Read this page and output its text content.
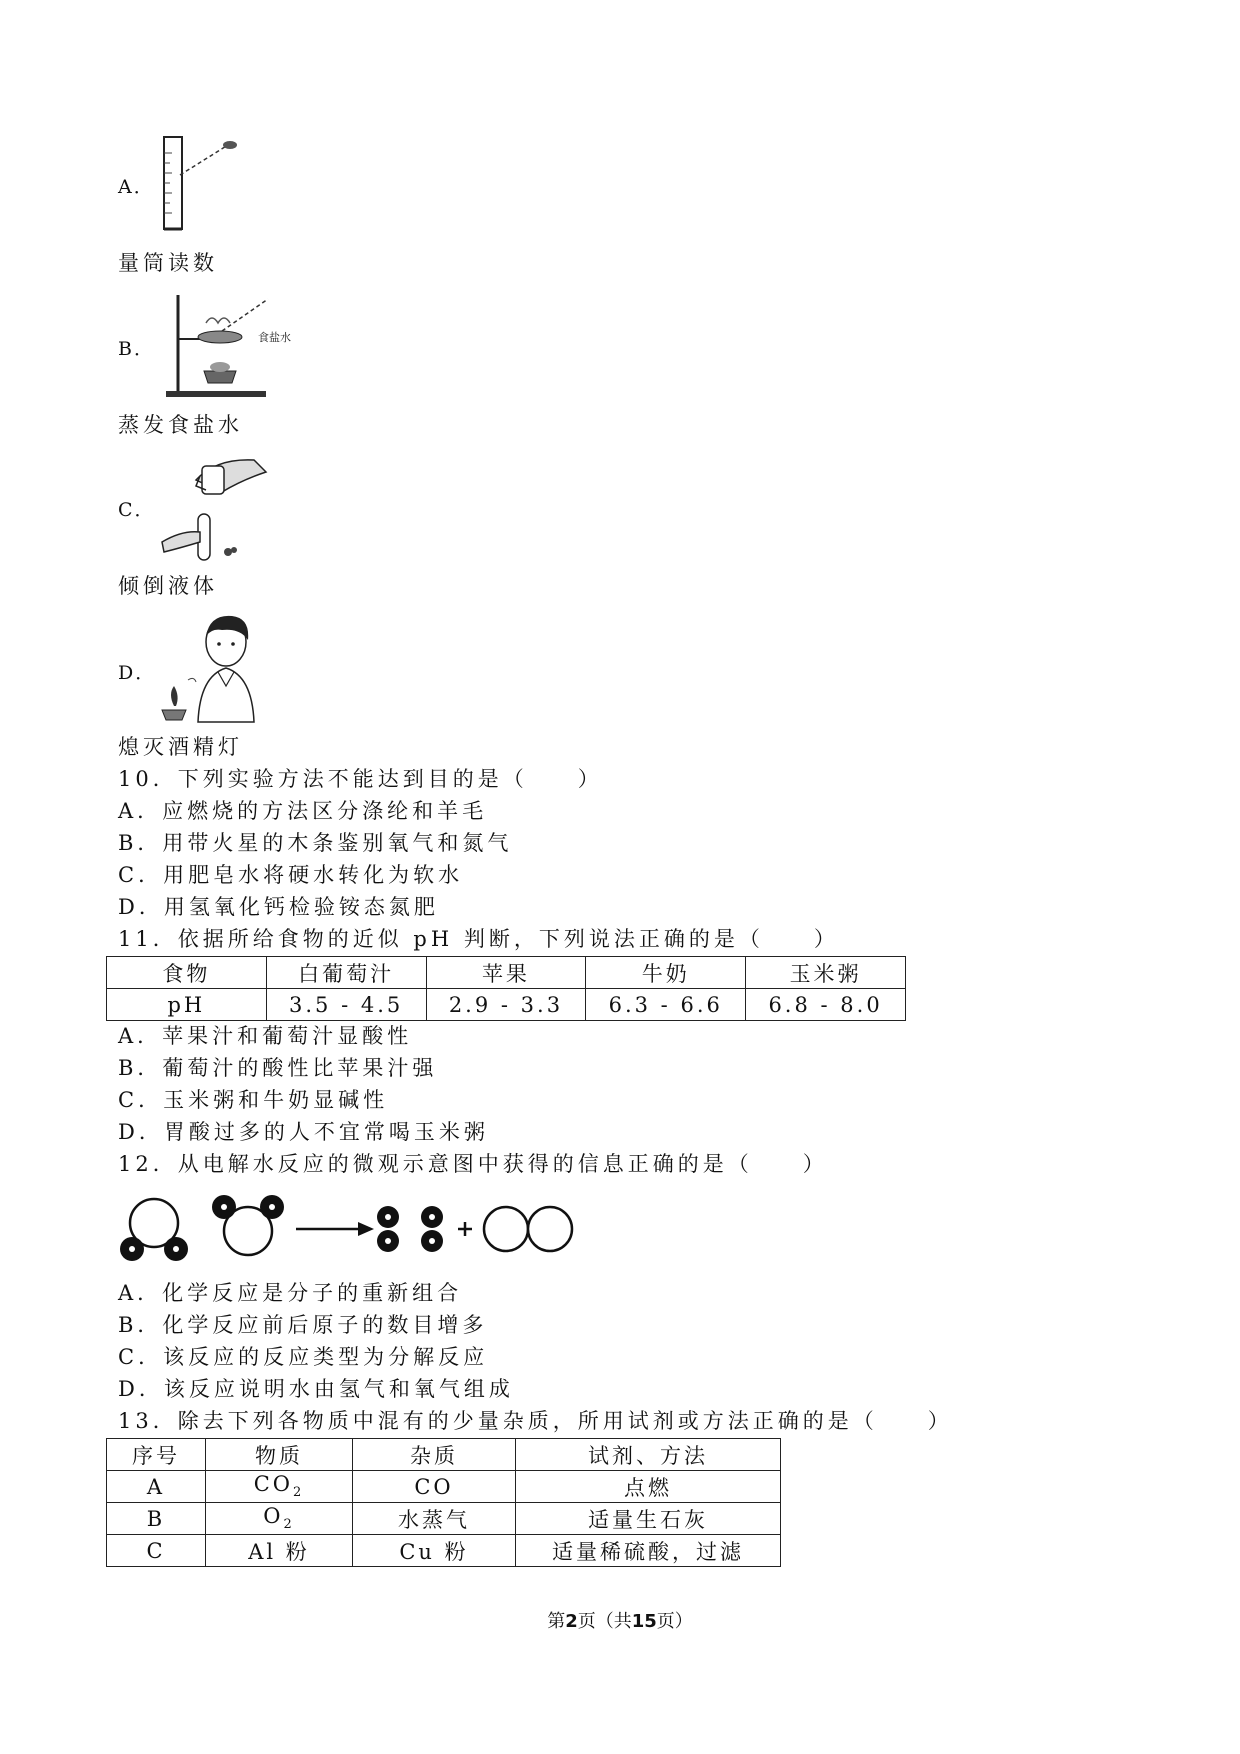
A．
量筒读数
B．
食盐水
蒸发食盐水
C．
倾倒液体
D．
熄灭酒精灯
10．下列实验方法不能达到目的是（　　）
A．应燃烧的方法区分涤纶和羊毛
B．用带火星的木条鉴别氧气和氮气
C．用肥皂水将硬水转化为软水
D．用氢氧化钙检验铵态氮肥
11．依据所给食物的近似 pH 判断，下列说法正确的是（　　）
食物	白葡萄汁	苹果	牛奶	玉米粥
pH	3.5 - 4.5	2.9 - 3.3	6.3 - 6.6	6.8 - 8.0
A．苹果汁和葡萄汁显酸性
B．葡萄汁的酸性比苹果汁强
C．玉米粥和牛奶显碱性
D．胃酸过多的人不宜常喝玉米粥
12．从电解水反应的微观示意图中获得的信息正确的是（　　）
A．化学反应是分子的重新组合
B．化学反应前后原子的数目增多
C．该反应的反应类型为分解反应
D．该反应说明水由氢气和氧气组成
13．除去下列各物质中混有的少量杂质，所用试剂或方法正确的是（　　）
序号	物质	杂质	试剂、方法
A	$CO_2$	CO	点燃
B	$O_2$	水蒸气	适量生石灰
C	Al 粉	Cu 粉	适量稀硫酸，过滤
第2页（共15页）
